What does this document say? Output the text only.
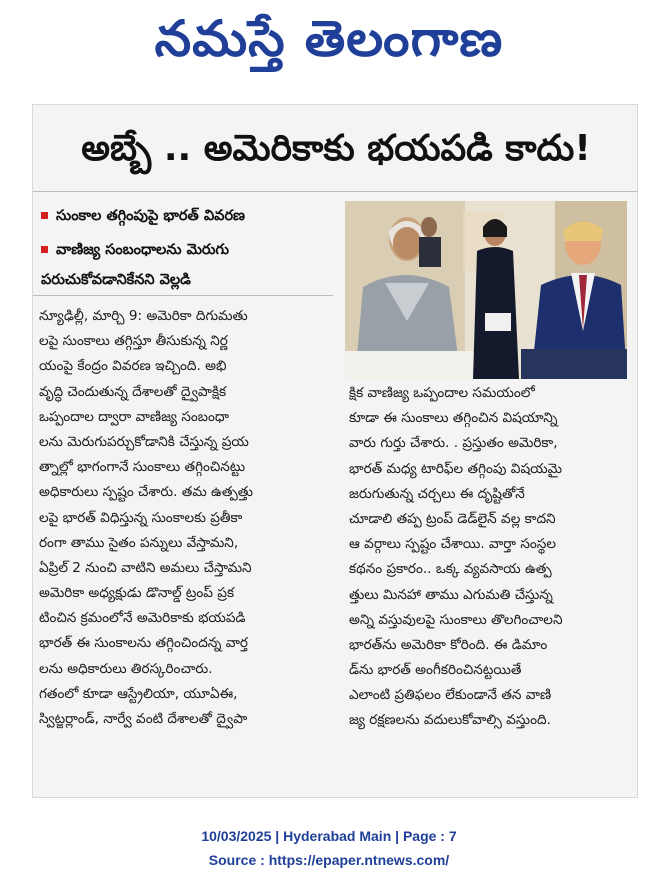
నమస్తే తెలంగాణ
అబ్బే .. అమెరికాకు భయపడి కాదు!
సుంకాల తగ్గింపుపై భారత్ వివరణ
వాణిజ్య సంబంధాలను మెరుగు
పరుచుకోవడానికేనని వెల్లడి
న్యూఢిల్లీ, మార్చి 9: అమెరికా దిగుమతు
లపై సుంకాలు తగ్గిస్తూ తీసుకున్న నిర్ణ
యంపై కేంద్రం వివరణ ఇచ్చింది. అభి
వృద్ధి చెందుతున్న దేశాలతో ద్వైపాక్షిక
ఒప్పందాల ద్వారా వాణిజ్య సంబంధా
లను మెరుగుపర్చుకోడానికి చేస్తున్న ప్రయ
త్నాల్లో భాగంగానే సుంకాలు తగ్గించినట్టు
అధికారులు స్పష్టం చేశారు. తమ ఉత్పత్తు
లపై భారత్ విధిస్తున్న సుంకాలకు ప్రతీకా
రంగా తాము సైతం పన్నులు వేస్తామని,
ఏప్రిల్ 2 నుంచి వాటిని అమలు చేస్తామని
అమెరికా అధ్యక్షుడు డొనాల్డ్ ట్రంప్ ప్రక
టించిన క్రమంలోనే అమెరికాకు భయపడి
భారత్ ఈ సుంకాలను తగ్గించిందన్న వార్త
లను అధికారులు తిరస్కరించారు.
గతంలో కూడా ఆస్ట్రేలియా, యూఏఈ,
స్విట్జర్లాండ్, నార్వే వంటి దేశాలతో ద్వైపా
క్షిక వాణిజ్య ఒప్పందాల సమయంలో
కూడా ఈ సుంకాలు తగ్గించిన విషయాన్ని
వారు గుర్తు చేశారు. . ప్రస్తుతం అమెరికా,
భారత్ మధ్య టారిఫ్‌ల తగ్గింపు విషయమై
జరుగుతున్న చర్చలు ఈ దృష్టితోనే
చూడాలి తప్ప ట్రంప్ డెడ్‌లైన్ వల్ల కాదని
ఆ వర్గాలు స్పష్టం చేశాయి. వార్తా సంస్థల
కథనం ప్రకారం.. ఒక్క వ్యవసాయ ఉత్ప
త్తులు మినహా తాము ఎగుమతి చేస్తున్న
అన్ని వస్తువులపై సుంకాలు తొలగించాలని
భారత్‌ను అమెరికా కోరింది. ఈ డిమాం
డ్‌ను భారత్ అంగీకరించినట్టయితే
ఎలాంటి ప్రతిఫలం లేకుండానే తన వాణి
జ్య రక్షణలను వదులుకోవాల్సి వస్తుంది.
10/03/2025 | Hyderabad Main | Page : 7
Source : https://epaper.ntnews.com/
